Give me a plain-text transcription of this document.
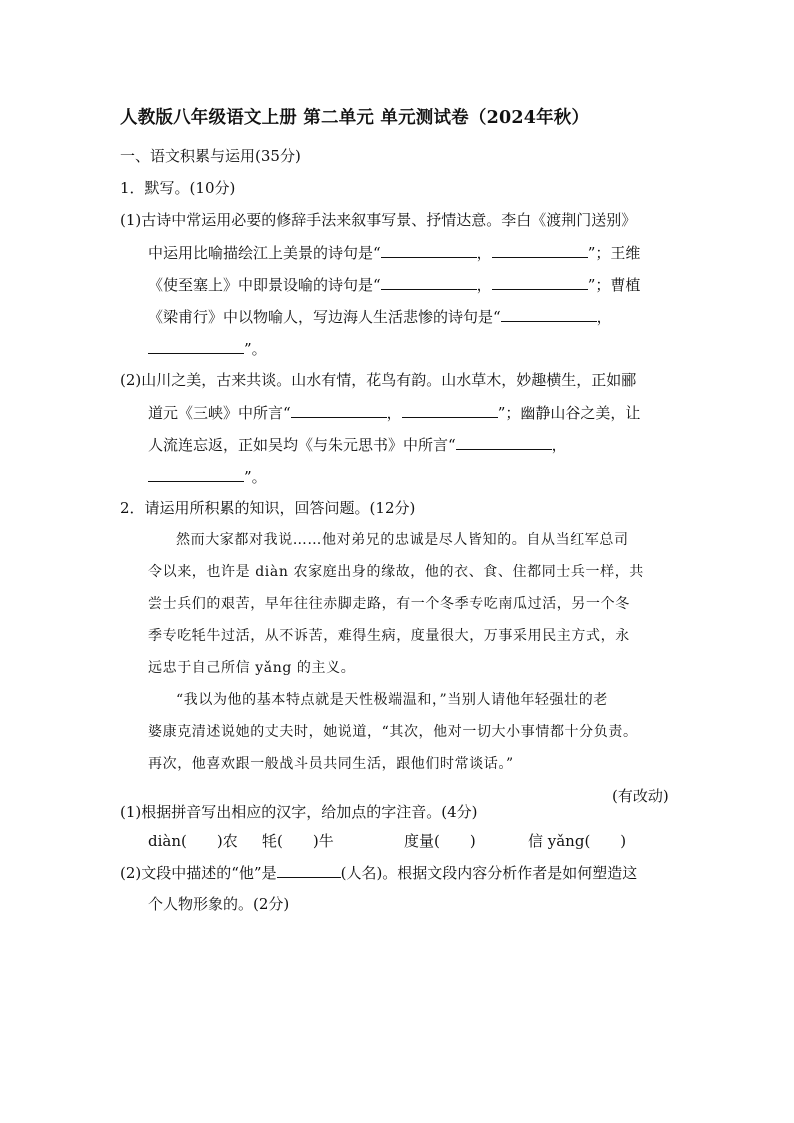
人教版八年级语文上册 第二单元 单元测试卷（2024年秋）
一、语文积累与运用(35分)
1．默写。(10分)
(1)古诗中常运用必要的修辞手法来叙事写景、抒情达意。李白《渡荆门送别》
中运用比喻描绘江上美景的诗句是“	，	”；王维
《使至塞上》中即景设喻的诗句是“	，	”；曹植
《梁甫行》中以物喻人，写边海人生活悲惨的诗句是“	，
”。
(2)山川之美，古来共谈。山水有情，花鸟有韵。山水草木，妙趣横生，正如郦
道元《三峡》中所言“	，	”；幽静山谷之美，让
人流连忘返，正如吴均《与朱元思书》中所言“	，
”。
2．请运用所积累的知识，回答问题。(12分)
然而大家都对我说……他对弟兄的忠诚是尽人皆知的。自从当红军总司
令以来，也许是 diàn 农家庭出身的缘故，他的衣、食、住都同士兵一样，共
尝士兵们的艰苦，早年往往赤脚走路，有一个冬季专吃南瓜过活，另一个冬
季专吃牦牛过活，从不诉苦，难得生病，度量很大，万事采用民主方式，永
远忠于自己所信 yǎng 的主义。
“我以为他的基本特点就是天性极端温和，”当别人请他年轻强壮的老
婆康克清述说她的丈夫时，她说道，“其次，他对一切大小事情都十分负责。
再次，他喜欢跟一般战斗员共同生活，跟他们时常谈话。”
(有改动)
(1)根据拼音写出相应的汉字，给加点的字注音。(4分)
diàn(　　)农 牦(　　)牛	度量(　　)	信 yǎng(　　)
(2)文段中描述的“他”是	(人名)。根据文段内容分析作者是如何塑造这
个人物形象的。(2分)
